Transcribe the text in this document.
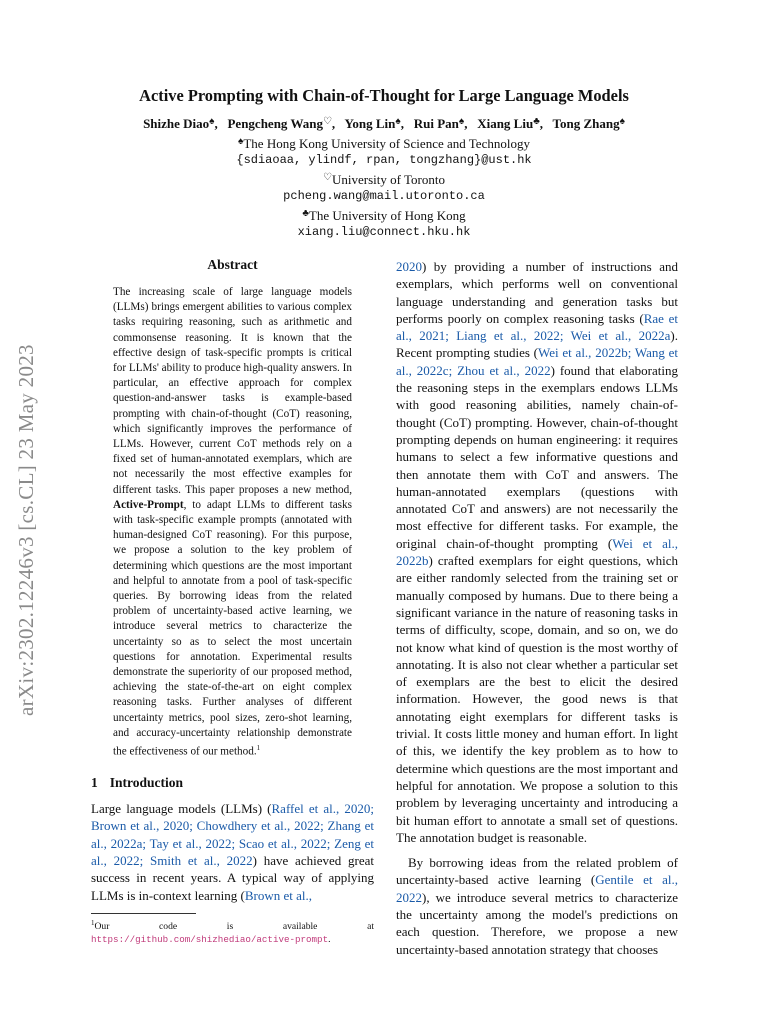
arXiv:2302.12246v3 [cs.CL] 23 May 2023
Active Prompting with Chain-of-Thought for Large Language Models
Shizhe Diao♠,   Pengcheng Wang♡,   Yong Lin♠,   Rui Pan♠,   Xiang Liu♣,   Tong Zhang♠
♠The Hong Kong University of Science and Technology
{sdiaoaa, ylindf, rpan, tongzhang}@ust.hk
♡University of Toronto
pcheng.wang@mail.utoronto.ca
♣The University of Hong Kong
xiang.liu@connect.hku.hk
Abstract
The increasing scale of large language models (LLMs) brings emergent abilities to various complex tasks requiring reasoning, such as arithmetic and commonsense reasoning. It is known that the effective design of task-specific prompts is critical for LLMs' ability to produce high-quality answers. In particular, an effective approach for complex question-and-answer tasks is example-based prompting with chain-of-thought (CoT) reasoning, which significantly improves the performance of LLMs. However, current CoT methods rely on a fixed set of human-annotated exemplars, which are not necessarily the most effective examples for different tasks. This paper proposes a new method, Active-Prompt, to adapt LLMs to different tasks with task-specific example prompts (annotated with human-designed CoT reasoning). For this purpose, we propose a solution to the key problem of determining which questions are the most important and helpful to annotate from a pool of task-specific queries. By borrowing ideas from the related problem of uncertainty-based active learning, we introduce several metrics to characterize the uncertainty so as to select the most uncertain questions for annotation. Experimental results demonstrate the superiority of our proposed method, achieving the state-of-the-art on eight complex reasoning tasks. Further analyses of different uncertainty metrics, pool sizes, zero-shot learning, and accuracy-uncertainty relationship demonstrate the effectiveness of our method.$^1$
1 Introduction
Large language models (LLMs) (Raffel et al., 2020; Brown et al., 2020; Chowdhery et al., 2022; Zhang et al., 2022a; Tay et al., 2022; Scao et al., 2022; Zeng et al., 2022; Smith et al., 2022) have achieved great success in recent years. A typical way of applying LLMs is in-context learning (Brown et al.,
$^1$Our code is available at https://github.com/shizhediao/active-prompt.
2020) by providing a number of instructions and exemplars, which performs well on conventional language understanding and generation tasks but performs poorly on complex reasoning tasks (Rae et al., 2021; Liang et al., 2022; Wei et al., 2022a). Recent prompting studies (Wei et al., 2022b; Wang et al., 2022c; Zhou et al., 2022) found that elaborating the reasoning steps in the exemplars endows LLMs with good reasoning abilities, namely chain-of-thought (CoT) prompting. However, chain-of-thought prompting depends on human engineering: it requires humans to select a few informative questions and then annotate them with CoT and answers. The human-annotated exemplars (questions with annotated CoT and answers) are not necessarily the most effective for different tasks. For example, the original chain-of-thought prompting (Wei et al., 2022b) crafted exemplars for eight questions, which are either randomly selected from the training set or manually composed by humans. Due to there being a significant variance in the nature of reasoning tasks in terms of difficulty, scope, domain, and so on, we do not know what kind of question is the most worthy of annotating. It is also not clear whether a particular set of exemplars are the best to elicit the desired information. However, the good news is that annotating eight exemplars for different tasks is trivial. It costs little money and human effort. In light of this, we identify the key problem as to how to determine which questions are the most important and helpful for annotation. We propose a solution to this problem by leveraging uncertainty and introducing a bit human effort to annotate a small set of questions. The annotation budget is reasonable.
By borrowing ideas from the related problem of uncertainty-based active learning (Gentile et al., 2022), we introduce several metrics to characterize the uncertainty among the model's predictions on each question. Therefore, we propose a new uncertainty-based annotation strategy that chooses
